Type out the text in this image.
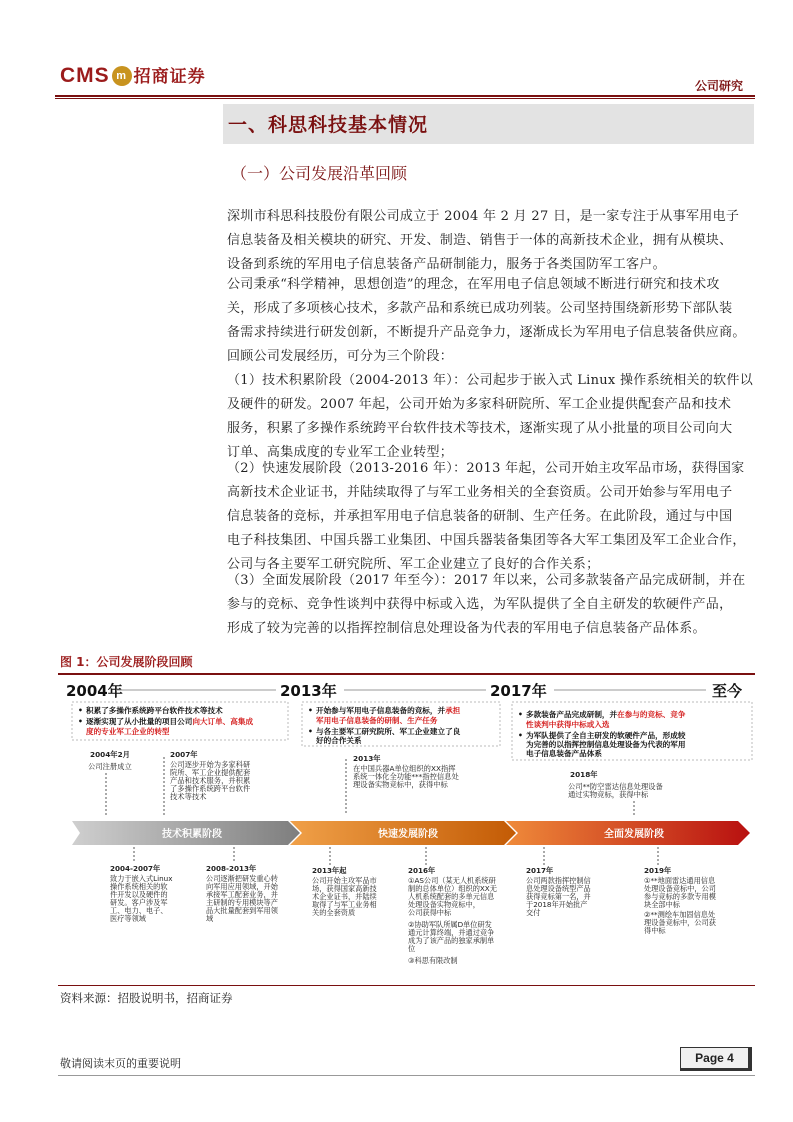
CMS m 招商证券	公司研究
一、科思科技基本情况
（一）公司发展沿革回顾
深圳市科思科技股份有限公司成立于 2004 年 2 月 27 日，是一家专注于从事军用电子
信息装备及相关模块的研究、开发、制造、销售于一体的高新技术企业，拥有从模块、
设备到系统的军用电子信息装备产品研制能力，服务于各类国防军工客户。
公司秉承“科学精神，思想创造”的理念，在军用电子信息领域不断进行研究和技术攻
关，形成了多项核心技术，多款产品和系统已成功列装。公司坚持围绕新形势下部队装
备需求持续进行研发创新，不断提升产品竞争力，逐渐成长为军用电子信息装备供应商。
回顾公司发展经历，可分为三个阶段：
（1）技术积累阶段（2004-2013 年）：公司起步于嵌入式 Linux 操作系统相关的软件以
及硬件的研发。2007 年起，公司开始为多家科研院所、军工企业提供配套产品和技术
服务，积累了多操作系统跨平台软件技术等技术，逐渐实现了从小批量的项目公司向大
订单、高集成度的专业军工企业转型；
（2）快速发展阶段（2013-2016 年）：2013 年起，公司开始主攻军品市场，获得国家
高新技术企业证书，并陆续取得了与军工业务相关的全套资质。公司开始参与军用电子
信息装备的竞标，并承担军用电子信息装备的研制、生产任务。在此阶段，通过与中国
电子科技集团、中国兵器工业集团、中国兵器装备集团等各大军工集团及军工企业合作，
公司与各主要军工研究院所、军工企业建立了良好的合作关系；
（3）全面发展阶段（2017 年至今）：2017 年以来，公司多款装备产品完成研制，并在
参与的竞标、竞争性谈判中获得中标或入选，为军队提供了全自主研发的软硬件产品，
形成了较为完善的以指挥控制信息处理设备为代表的军用电子信息装备产品体系。
图 1：公司发展阶段回顾
2004年	2013年	2017年	至今
• 积累了多操作系统跨平台软件技术等技术
• 逐渐实现了从小批量的项目公司向大订单、高集成
度的专业军工企业的转型
• 开始参与军用电子信息装备的竞标，并承担
军用电子信息装备的研制、生产任务
• 与各主要军工研究院所、军工企业建立了良
好的合作关系
• 多款装备产品完成研制，并在参与的竞标、竞争
性谈判中获得中标或入选
• 为军队提供了全自主研发的软硬件产品，形成较
为完善的以指挥控制信息处理设备为代表的军用
电子信息装备产品体系
2004年2月
公司注册成立
2007年
公司逐步开始为多家科研
院所、军工企业提供配套
产品和技术服务，并积累
了多操作系统跨平台软件
技术等技术
2013年
在中国兵器A单位组织的XX指挥
系统一体化全功能***指控信息处
理设备实物竞标中，获得中标
2018年
公司**防空雷达信息处理设备
通过实物竞标，获得中标
技术积累阶段	快速发展阶段	全面发展阶段
2004-2007年
致力于嵌入式Linux
操作系统相关的软
件开发以及硬件的
研发。客户涉及军
工、电力、电子、
医疗等领域
2008-2013年
公司逐渐把研发重心转
向军用应用领域，开始
承接军工配套业务，并
主研制的专用模块等产
品大批量配套到军用领
域
2013年起
公司开始主攻军品市
场，获得国家高新技
术企业证书，并陆续
取得了与军工业务相
关的全套资质
2016年
①AS公司（某无人机系统研
制的总体单位）组织的XX无
人机系统配套的多单元信息
处理设备实物竞标中，
公司获得中标
②协助军队所属D单位研发
通元计算终端，并通过竞争
成为了该产品的独家承制单
位
③科思有限改制
2017年
公司两款指挥控制信
息处理设备统型产品
获得竞标第一名，并
于2018年开始批产
交付
2019年
①**地面雷达通用信息
处理设备竞标中，公司
参与竞标的多款专用模
块全部中标
②**测绘车加固信息处
理设备竞标中，公司获
得中标
资料来源：招股说明书，招商证券
敬请阅读末页的重要说明	Page 4
